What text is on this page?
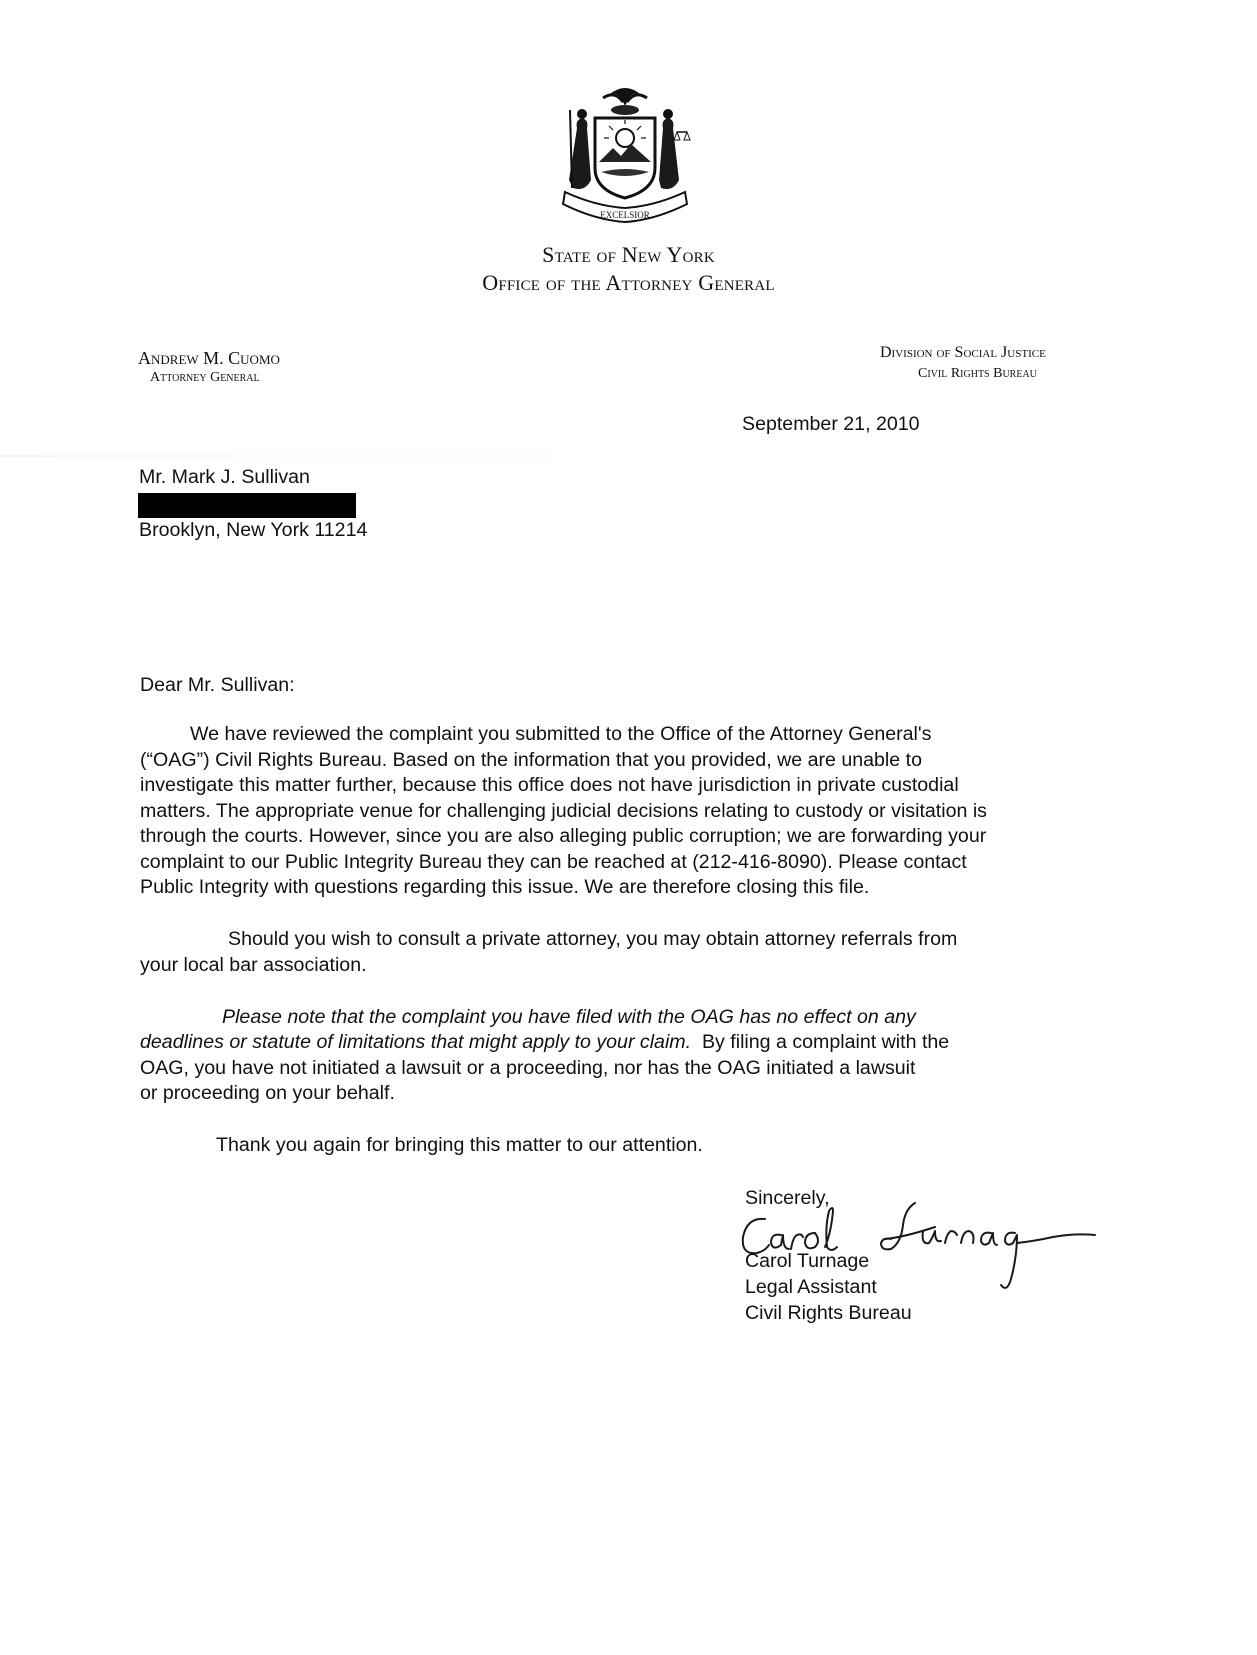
EXCELSIOR
State of New York
Office of the Attorney General
Andrew M. Cuomo
Attorney General
Division of Social Justice
Civil Rights Bureau
September 21, 2010
Mr. Mark J. Sullivan
Brooklyn, New York 11214
Dear Mr. Sullivan:
We have reviewed the complaint you submitted to the Office of the Attorney General's
(“OAG”) Civil Rights Bureau. Based on the information that you provided, we are unable to
investigate this matter further, because this office does not have jurisdiction in private custodial
matters. The appropriate venue for challenging judicial decisions relating to custody or visitation is
through the courts. However, since you are also alleging public corruption; we are forwarding your
complaint to our Public Integrity Bureau they can be reached at (212-416-8090). Please contact
Public Integrity with questions regarding this issue. We are therefore closing this file.
Should you wish to consult a private attorney, you may obtain attorney referrals from
your local bar association.
Please note that the complaint you have filed with the OAG has no effect on any
deadlines or statute of limitations that might apply to your claim.  By filing a complaint with the
OAG, you have not initiated a lawsuit or a proceeding, nor has the OAG initiated a lawsuit
or proceeding on your behalf.
Thank you again for bringing this matter to our attention.
Sincerely,
Carol Turnage
Legal Assistant
Civil Rights Bureau
